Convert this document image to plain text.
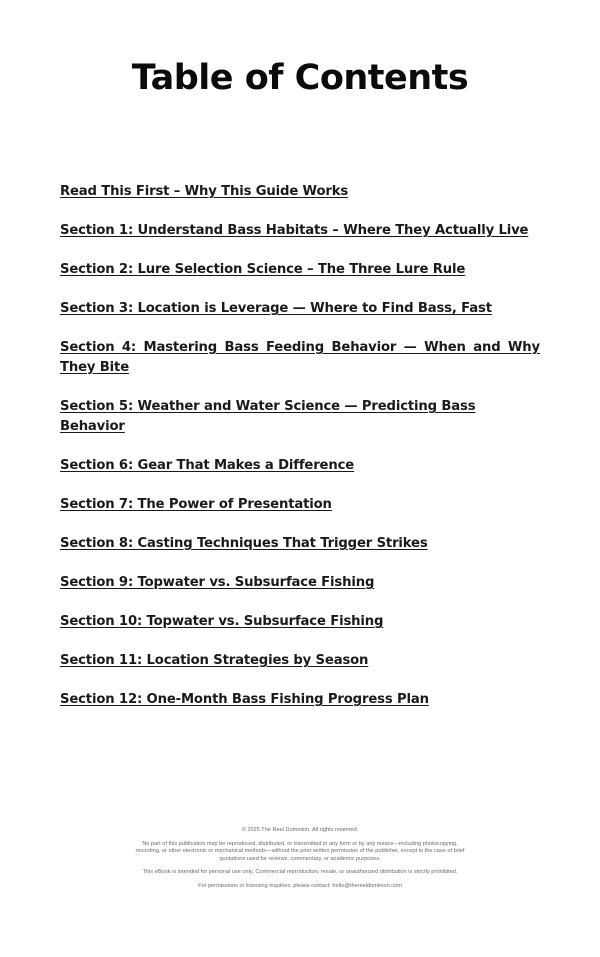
Table of Contents
Read This First – Why This Guide Works
Section 1: Understand Bass Habitats – Where They Actually Live
Section 2: Lure Selection Science – The Three Lure Rule
Section 3: Location is Leverage — Where to Find Bass, Fast
Section 4: Mastering Bass Feeding Behavior — When and Why They Bite
Section 5: Weather and Water Science — Predicting Bass Behavior
Section 6: Gear That Makes a Difference
Section 7: The Power of Presentation
Section 8: Casting Techniques That Trigger Strikes
Section 9: Topwater vs. Subsurface Fishing
Section 10: Topwater vs. Subsurface Fishing
Section 11: Location Strategies by Season
Section 12: One-Month Bass Fishing Progress Plan

© 2025 The Reel Dominion. All rights reserved.

No part of this publication may be reproduced, distributed, or transmitted in any form or by any means—including photocopying, recording, or other electronic or mechanical methods—without the prior written permission of the publisher, except in the case of brief quotations used for reviews, commentary, or academic purposes.

This eBook is intended for personal use only. Commercial reproduction, resale, or unauthorized distribution is strictly prohibited.

For permissions or licensing inquiries, please contact: hello@thereeldominion.com
